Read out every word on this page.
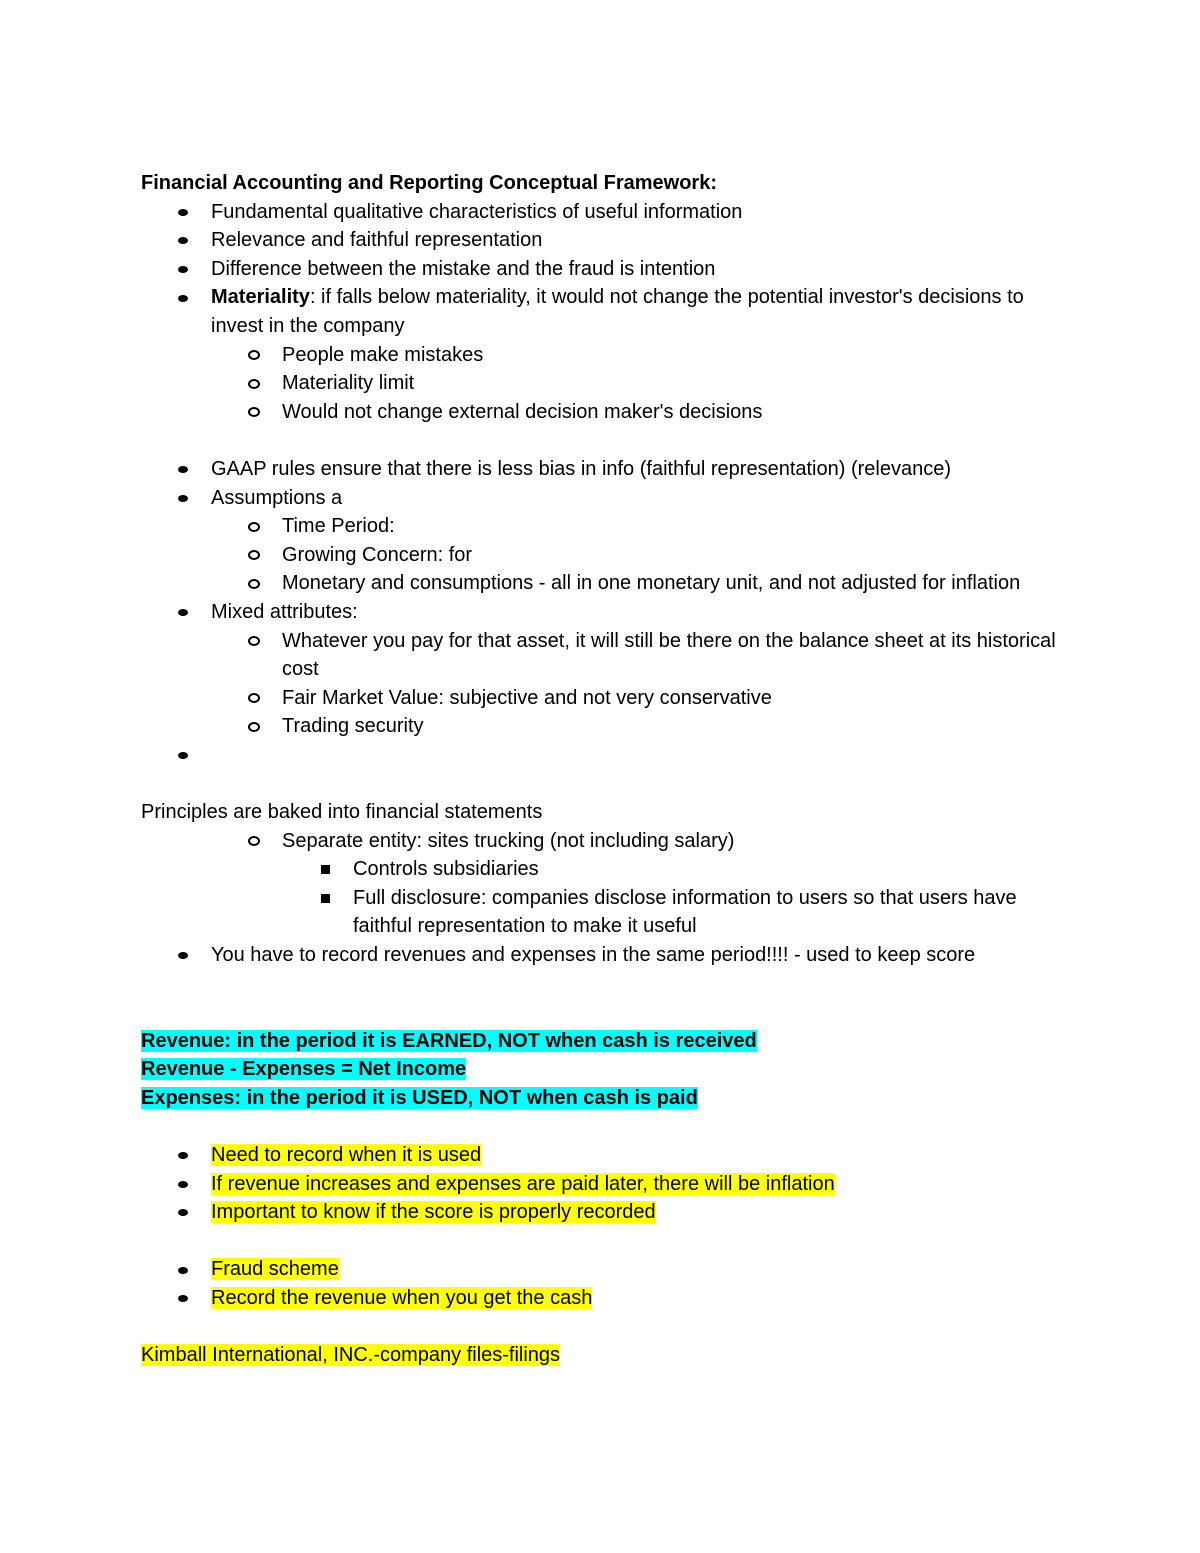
Financial Accounting and Reporting Conceptual Framework:

Fundamental qualitative characteristics of useful information

Relevance and faithful representation

Difference between the mistake and the fraud is intention

Materiality: if falls below materiality, it would not change the potential investor's decisions to invest in the company

People make mistakes

Materiality limit

Would not change external decision maker's decisions

GAAP rules ensure that there is less bias in info (faithful representation) (relevance)

Assumptions a

Time Period:

Growing Concern: for

Monetary and consumptions - all in one monetary unit, and not adjusted for inflation

Mixed attributes:

Whatever you pay for that asset, it will still be there on the balance sheet at its historical cost

Fair Market Value: subjective and not very conservative

Trading security

Principles are baked into financial statements

Separate entity: sites trucking (not including salary)

Controls subsidiaries

Full disclosure: companies disclose information to users so that users have faithful representation to make it useful

You have to record revenues and expenses in the same period!!!! - used to keep score

Revenue: in the period it is EARNED, NOT when cash is received

Revenue - Expenses = Net Income

Expenses: in the period it is USED, NOT when cash is paid

Need to record when it is used

If revenue increases and expenses are paid later, there will be inflation

Important to know if the score is properly recorded

Fraud scheme

Record the revenue when you get the cash

Kimball International, INC.-company files-filings
